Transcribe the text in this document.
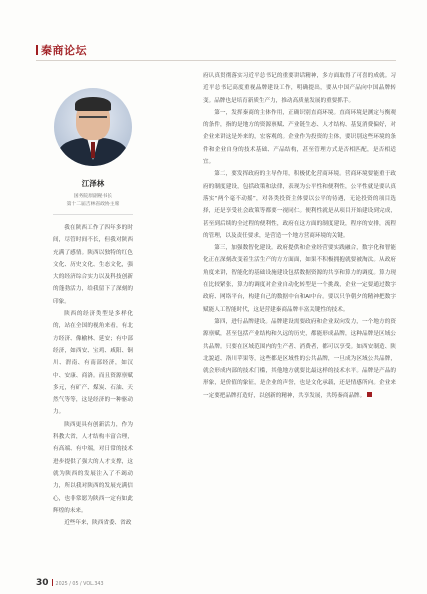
秦商论坛
江泽林
国务院原副秘书长
第十二届吉林省政协主席

我在陕西工作了四年多的时间，尽管时间不长，但我对陕西充满了感情。陕西以独特的红色文化、历史文化、生态文化，强大的经济综合实力以及科技创新的蓬勃活力，给我留下了深刻的印象。

陕西的经济类型是多样化的，站在全国的视角来看，有北方经济、像榆林、延安；有中部经济，如西安、宝鸡、咸阳、铜川、渭南、有南部经济，如汉中、安康、商洛。而且资源禀赋多元，有矿产、煤炭、石油、天然气等等，这是经济的一种驱动力。

陕西更具有创新活力，作为科教大省，人才结构丰富合理，有高端、有中端，对日常的技术进步提供了强大的人才支撑，这就为陕西的发展注入了不竭动力，所以我对陕西的发展充满信心，也非常愿为陕西一定有如此辉煌的未来。

近些年来，陕西省委、省政

府认真贯彻落实习近平总书记的重要讲话精神，多方面取得了可喜的成就。习近平总书记高度重视品牌建设工作，明确提出，要从中国产品向中国品牌转变。品牌也是培育新质生产力，推动高质量发展的重要抓手。

第一，发挥秦商的主体作用，正确识别直商环境。直商环境是测定与衡观的条件，指的是地方的资源禀赋、产业链生态、人才结构、基复消费偏好，对企业来讲这是外来的，宏客观的。企业作为投资的主体，要识别这些环境的条件和企业自身的技术基础、产品结构，甚至管理方式是否相匹配，是否相适宜。

第二，要发挥政府的主导作用，积极优化营商环境。营商环境要能重于政府的制度建设，包括政策和法律，表现为公平性和便利性，公平性就是要认真落实“两个毫不动摇”，对各类投资主体要以公平的待遇，无论投资的项目选择，还是享受社会政策等都要一视同仁。便利性就是从项目开始建设到完成，甚至到后续的全过程的便利性，政府在这方面的制度建设，程序的安排，流程的管理，以及责任要求，是营造一个地方营商环境的关键。

第三，加强数智化建设。政府提供和企业经营要实践融合，数字化和智能化正在深刻改变着生活生产的方方面面，如果不积极拥抱就要被淘汰。从政府角度来讲，智能化的基础设施建设包括数据资源的共享和算力的调度。算力现在比较紧张，算力的调度对企业自动化转型是一个挑战，企业一定要通过数字政府、网络平台，构建自己的数据中台和AI中台。要以只争朝夕的精神把数字赋能人工智能时代，这是营建秦商品牌丰富关键性的技术。

第四，进行品牌建设。品牌建设需要政府和企业双向发力，一个地方的资源禀赋，甚至包括产业结构和久远的历史，都能形成品牌，这种品牌是区域公共品牌。只要在区域范围内的生产者、消费者，都可以享受。如西安制造、陕北貌道、洛川苹果等，这些都是区域性的公共品牌，一旦成为区域公共品牌，就会形成内部的技术门槛，其他地方就要比最这样的技术水平。品牌是产品的形象，是价值的象征，是企业的声誉，也是文化承载，还是情感所向。企业来一定要把品牌打造好，以创新的精神，共享发展，共铸秦商品牌。

30 2025 / 05 / VOL.343
